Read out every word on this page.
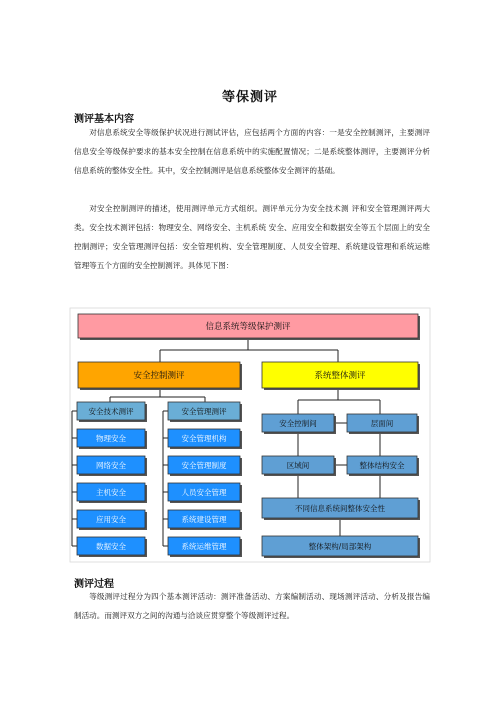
等保测评
测评基本内容
对信息系统安全等级保护状况进行测试评估，应包括两个方面的内容：一是安全控制测评，主要测评信息安全等级保护要求的基本安全控制在信息系统中的实施配置情况；二是系统整体测评，主要测评分析信息系统的整体安全性。其中，安全控制测评是信息系统整体安全测评的基础。
对安全控制测评的描述，使用测评单元方式组织。测评单元分为安全技术测 评和安全管理测评两大类。安全技术测评包括：物理安全、网络安全、主机系统 安全、应用安全和数据安全等五个层面上的安全控制测评；安全管理测评包括：安全管理机构、安全管理制度、人员安全管理、系统建设管理和系统运维管理等五个方面的安全控制测评。具体见下图：
信息系统等级保护测评
安全控制测评	系统整体测评
安全技术测评	安全管理测评
物理安全
网络安全
主机安全
应用安全
数据安全
安全管理机构
安全管理制度
人员安全管理
系统建设管理
系统运维管理
安全控制间	层面间
区域间	整体结构安全
不同信息系统间整体安全性
整体架构/局部架构
测评过程
等级测评过程分为四个基本测评活动：测评准备活动、方案编制活动、现场测评活动、分析及报告编制活动。而测评双方之间的沟通与洽谈应贯穿整个等级测评过程。
